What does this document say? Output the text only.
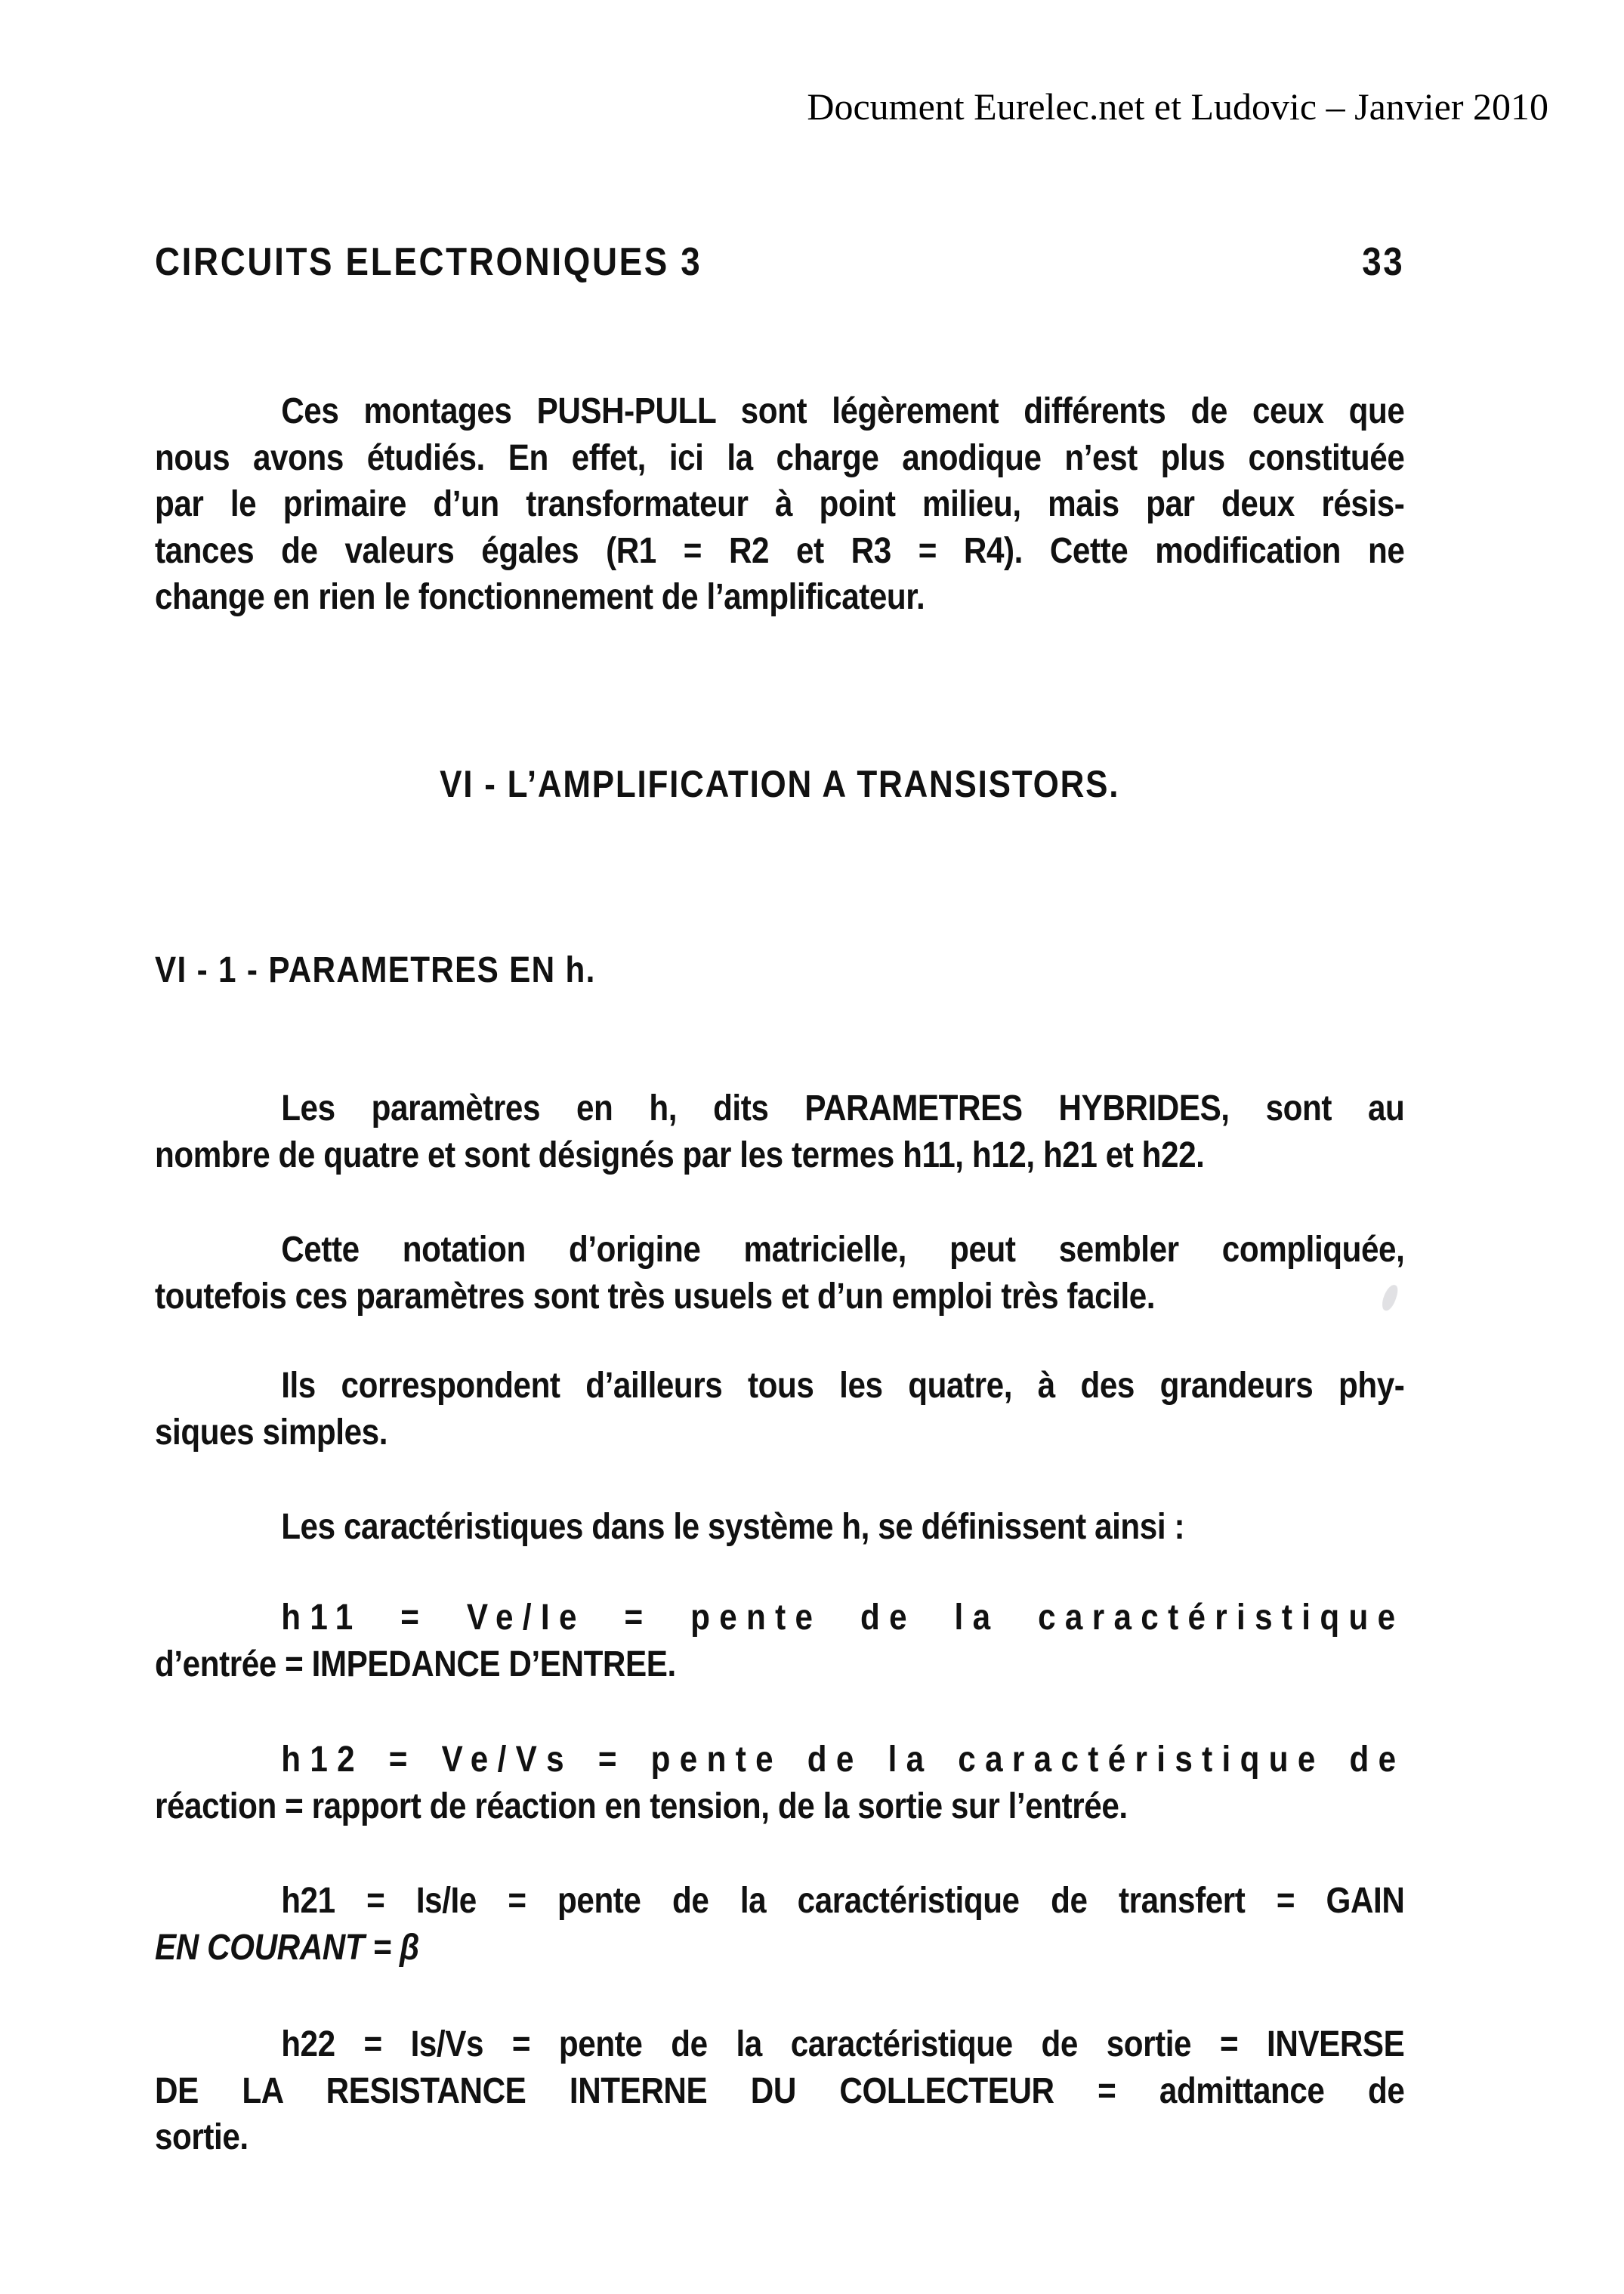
Document Eurelec.net et Ludovic – Janvier 2010
CIRCUITS ELECTRONIQUES 3	33
Ces montages PUSH-PULL sont légèrement différents de ceux que
nous avons étudiés. En effet, ici la charge anodique n’est plus constituée
par le primaire d’un transformateur à point milieu, mais par deux résis-
tances de valeurs égales (R1 = R2 et R3 = R4). Cette modification ne
change en rien le fonctionnement de l’amplificateur.
VI - L’AMPLIFICATION A TRANSISTORS.
VI - 1 - PARAMETRES EN h.
Les paramètres en h, dits PARAMETRES HYBRIDES, sont au
nombre de quatre et sont désignés par les termes h11, h12, h21 et h22.
Cette notation d’origine matricielle, peut sembler compliquée,
toutefois ces paramètres sont très usuels et d’un emploi très facile.
Ils correspondent d’ailleurs tous les quatre, à des grandeurs phy-
siques simples.
Les caractéristiques dans le système h, se définissent ainsi :
h11 = Ve/Ie = pente de la caractéristique
d’entrée = IMPEDANCE D’ENTREE.
h12 = Ve/Vs = pente de la caractéristique de
réaction = rapport de réaction en tension, de la sortie sur l’entrée.
h21 = Is/Ie = pente de la caractéristique de transfert = GAIN
EN COURANT = β
h22 = Is/Vs = pente de la caractéristique de sortie = INVERSE
DE LA RESISTANCE INTERNE DU COLLECTEUR = admittance de
sortie.
